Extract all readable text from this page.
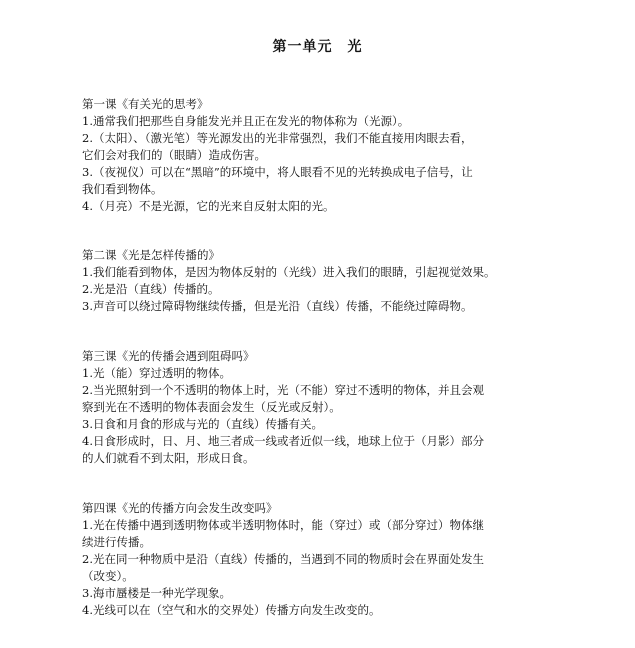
第一单元　光
第一课《有关光的思考》
1.通常我们把那些自身能发光并且正在发光的物体称为（光源）。
2.（太阳）、（激光笔）等光源发出的光非常强烈，我们不能直接用肉眼去看，
它们会对我们的（眼睛）造成伤害。
3.（夜视仪）可以在“黑暗”的环境中，将人眼看不见的光转换成电子信号，让
我们看到物体。
4.（月亮）不是光源，它的光来自反射太阳的光。
第二课《光是怎样传播的》
1.我们能看到物体，是因为物体反射的（光线）进入我们的眼睛，引起视觉效果。
2.光是沿（直线）传播的。
3.声音可以绕过障碍物继续传播，但是光沿（直线）传播，不能绕过障碍物。
第三课《光的传播会遇到阻碍吗》
1.光（能）穿过透明的物体。
2.当光照射到一个不透明的物体上时，光（不能）穿过不透明的物体，并且会观
察到光在不透明的物体表面会发生（反光或反射）。
3.日食和月食的形成与光的（直线）传播有关。
4.日食形成时，日、月、地三者成一线或者近似一线，地球上位于（月影）部分
的人们就看不到太阳，形成日食。
第四课《光的传播方向会发生改变吗》
1.光在传播中遇到透明物体或半透明物体时，能（穿过）或（部分穿过）物体继
续进行传播。
2.光在同一种物质中是沿（直线）传播的，当遇到不同的物质时会在界面处发生
（改变）。
3.海市蜃楼是一种光学现象。
4.光线可以在（空气和水的交界处）传播方向发生改变的。
